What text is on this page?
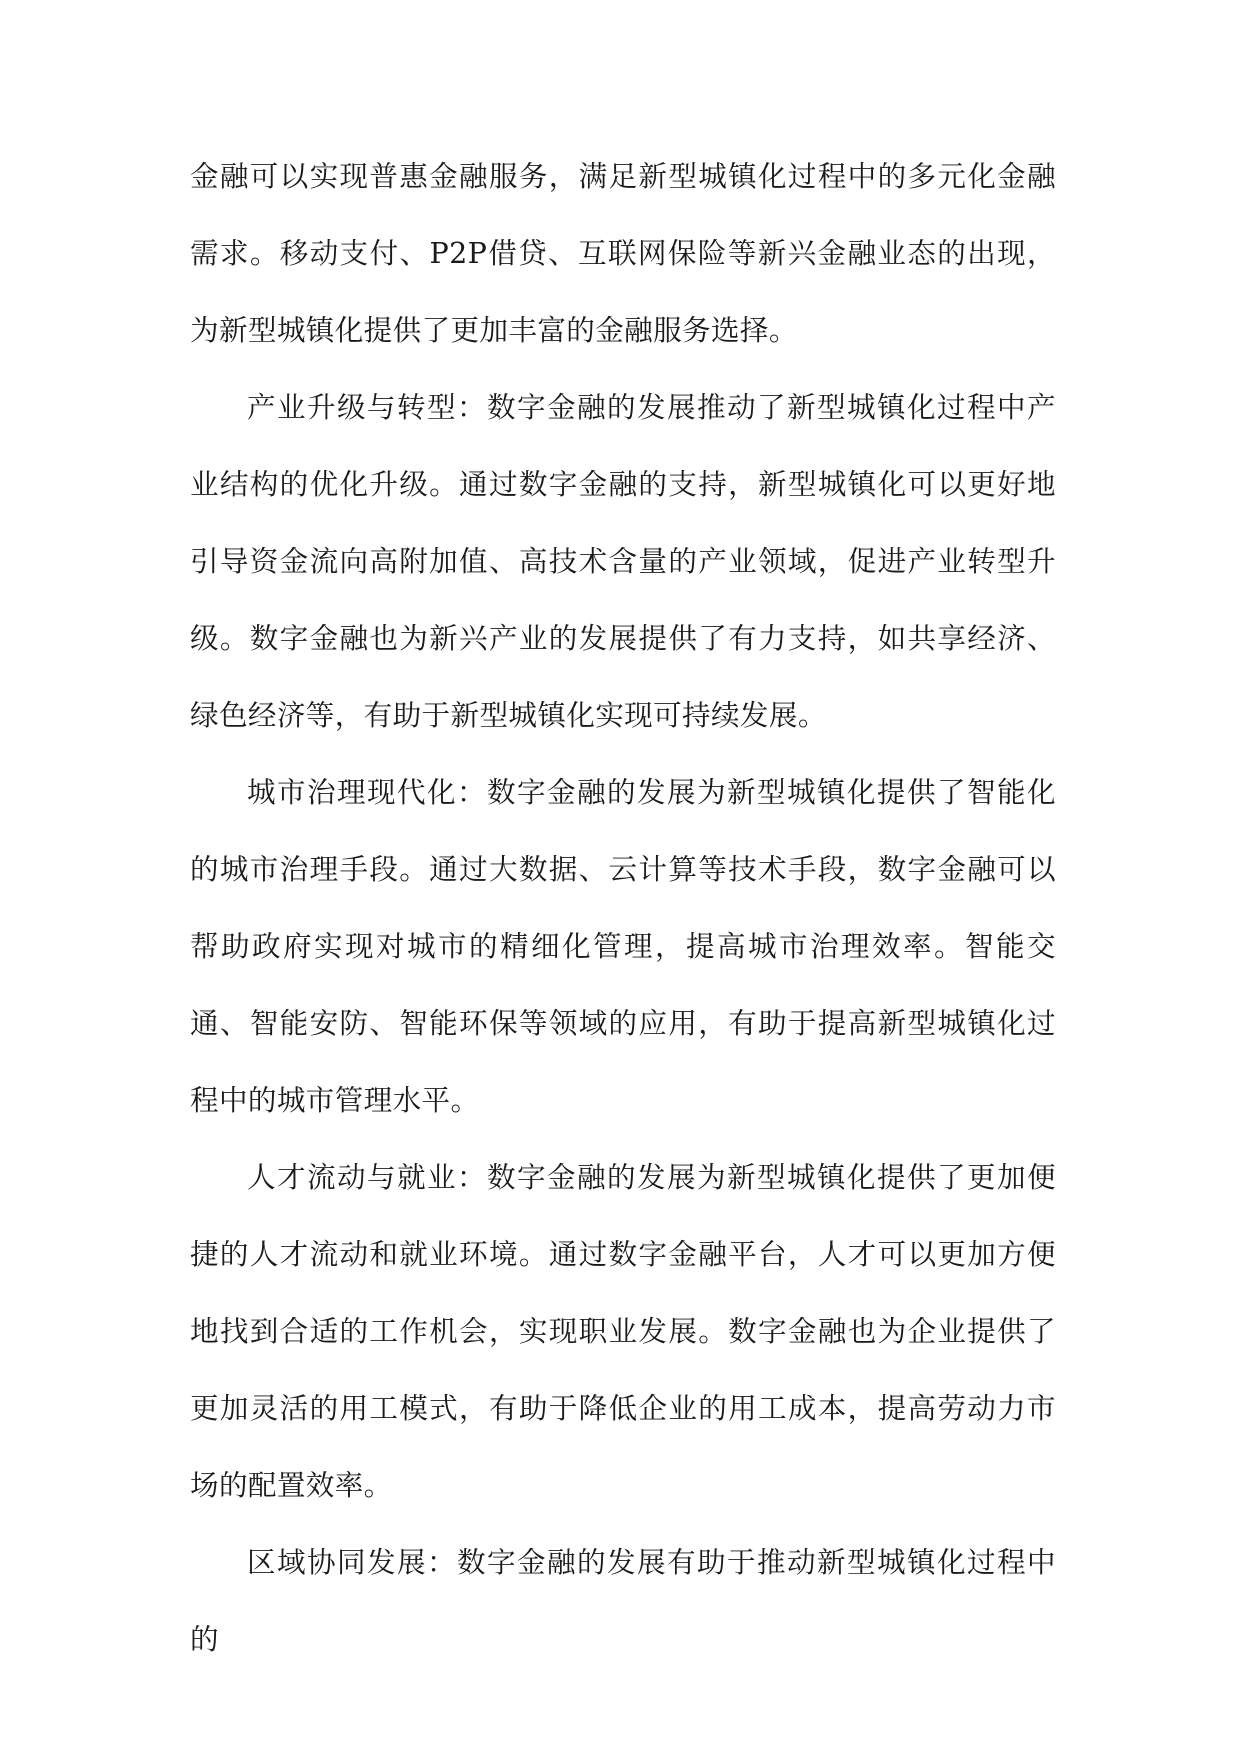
金融可以实现普惠金融服务，满足新型城镇化过程中的多元化金融需求。移动支付、P2P借贷、互联网保险等新兴金融业态的出现，为新型城镇化提供了更加丰富的金融服务选择。

产业升级与转型：数字金融的发展推动了新型城镇化过程中产业结构的优化升级。通过数字金融的支持，新型城镇化可以更好地引导资金流向高附加值、高技术含量的产业领域，促进产业转型升级。数字金融也为新兴产业的发展提供了有力支持，如共享经济、绿色经济等，有助于新型城镇化实现可持续发展。

城市治理现代化：数字金融的发展为新型城镇化提供了智能化的城市治理手段。通过大数据、云计算等技术手段，数字金融可以帮助政府实现对城市的精细化管理，提高城市治理效率。智能交通、智能安防、智能环保等领域的应用，有助于提高新型城镇化过程中的城市管理水平。

人才流动与就业：数字金融的发展为新型城镇化提供了更加便捷的人才流动和就业环境。通过数字金融平台，人才可以更加方便地找到合适的工作机会，实现职业发展。数字金融也为企业提供了更加灵活的用工模式，有助于降低企业的用工成本，提高劳动力市场的配置效率。

区域协同发展：数字金融的发展有助于推动新型城镇化过程中的
